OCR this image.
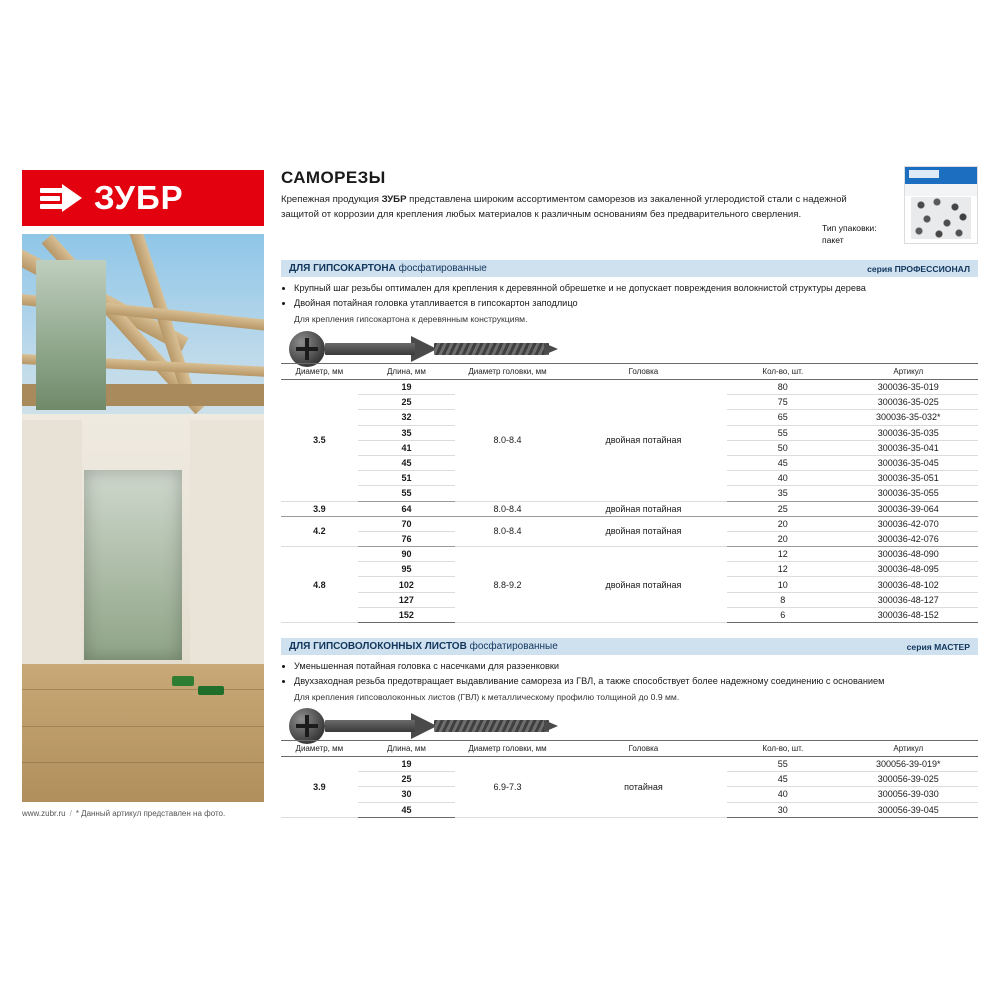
ЗУБР
www.zubr.ru / * Данный артикул представлен на фото.
САМОРЕЗЫ
Крепежная продукция ЗУБР представлена широким ассортиментом саморезов из закаленной углеродистой стали с надежной защитой от коррозии для крепления любых материалов к различным основаниям без предварительного сверления.
Тип упаковки:
пакет
ДЛЯ ГИПСОКАРТОНА фосфатированные	серия ПРОФЕССИОНАЛ
• Крупный шаг резьбы оптимален для крепления к деревянной обрешетке и не допускает повреждения волокнистой структуры дерева
• Двойная потайная головка утапливается в гипсокартон заподлицо
Для крепления гипсокартона к деревянным конструкциям.
Диаметр, мм	Длина, мм	Диаметр головки, мм	Головка	Кол-во, шт.	Артикул
3.5	19	8.0-8.4	двойная потайная	80	300036-35-019
	25			75	300036-35-025
	32			65	300036-35-032*
	35			55	300036-35-035
	41			50	300036-35-041
	45			45	300036-35-045
	51			40	300036-35-051
	55			35	300036-35-055
3.9	64	8.0-8.4	двойная потайная	25	300036-39-064
4.2	70	8.0-8.4	двойная потайная	20	300036-42-070
	76			20	300036-42-076
4.8	90	8.8-9.2	двойная потайная	12	300036-48-090
	95			12	300036-48-095
	102			10	300036-48-102
	127			8	300036-48-127
	152			6	300036-48-152
ДЛЯ ГИПСОВОЛОКОННЫХ ЛИСТОВ фосфатированные	серия МАСТЕР
• Уменьшенная потайная головка с насечками для разэенковки
• Двухзаходная резьба предотвращает выдавливание самореза из ГВЛ, а также способствует более надежному соединению с основанием
Для крепления гипсоволоконных листов (ГВЛ) к металлическому профилю толщиной до 0.9 мм.
Диаметр, мм	Длина, мм	Диаметр головки, мм	Головка	Кол-во, шт.	Артикул
3.9	19	6.9-7.3	потайная	55	300056-39-019*
	25			45	300056-39-025
	30			40	300056-39-030
	45			30	300056-39-045
